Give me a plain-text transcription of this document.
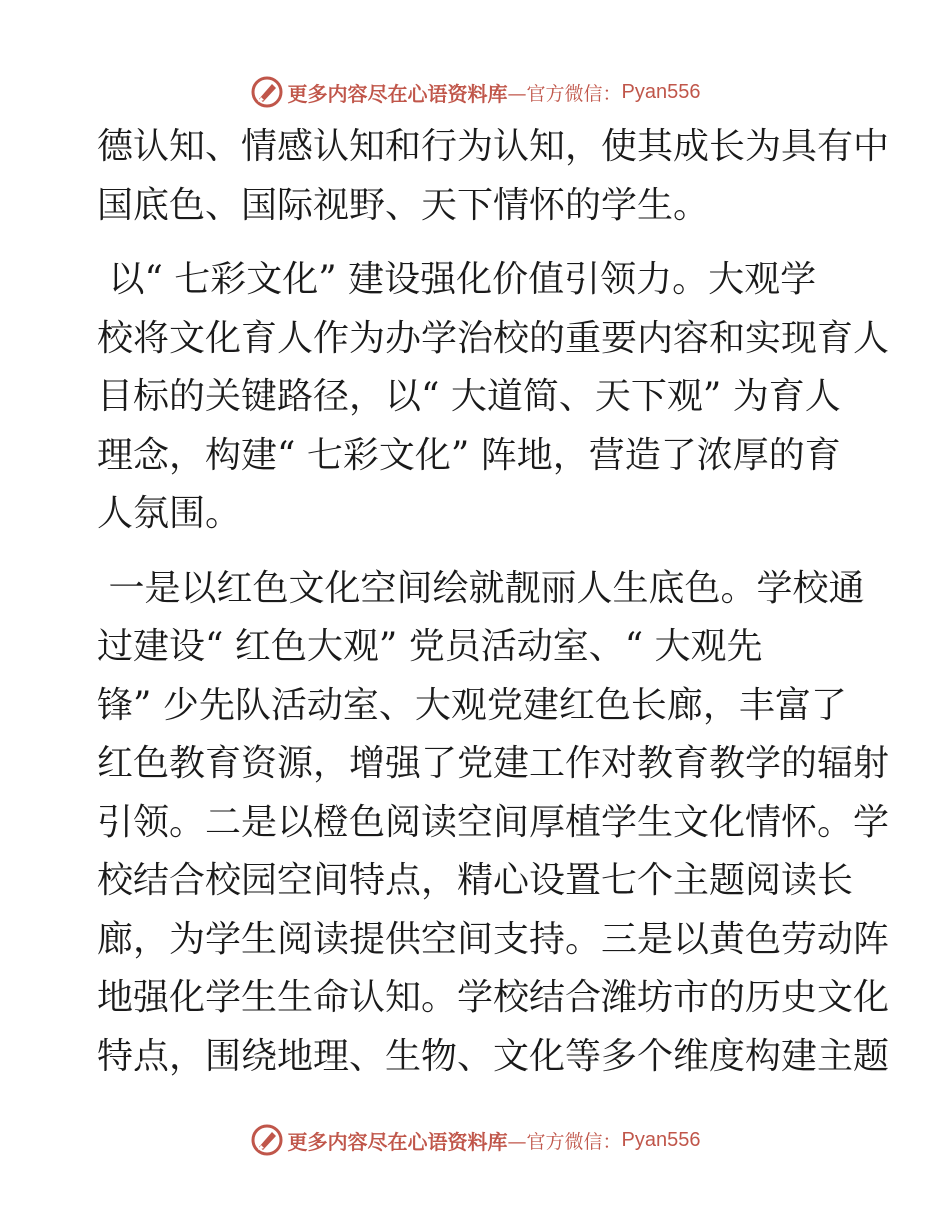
更多内容尽在心语资料库 —官方微信： Pyan556
德认知、情感认知和行为认知，使其成长为具有中
国底色、国际视野、天下情怀的学生。
以“ 七彩文化” 建设强化价值引领力。大观学
校将文化育人作为办学治校的重要内容和实现育人
目标的关键路径，以“ 大道简、天下观” 为育人
理念，构建“ 七彩文化” 阵地，营造了浓厚的育
人氛围。
一是以红色文化空间绘就靓丽人生底色。学校通
过建设“ 红色大观” 党员活动室、“ 大观先
锋” 少先队活动室、大观党建红色长廊，丰富了
红色教育资源，增强了党建工作对教育教学的辐射
引领。二是以橙色阅读空间厚植学生文化情怀。学
校结合校园空间特点，精心设置七个主题阅读长
廊，为学生阅读提供空间支持。三是以黄色劳动阵
地强化学生生命认知。学校结合潍坊市的历史文化
特点，围绕地理、生物、文化等多个维度构建主题
更多内容尽在心语资料库 —官方微信： Pyan556
